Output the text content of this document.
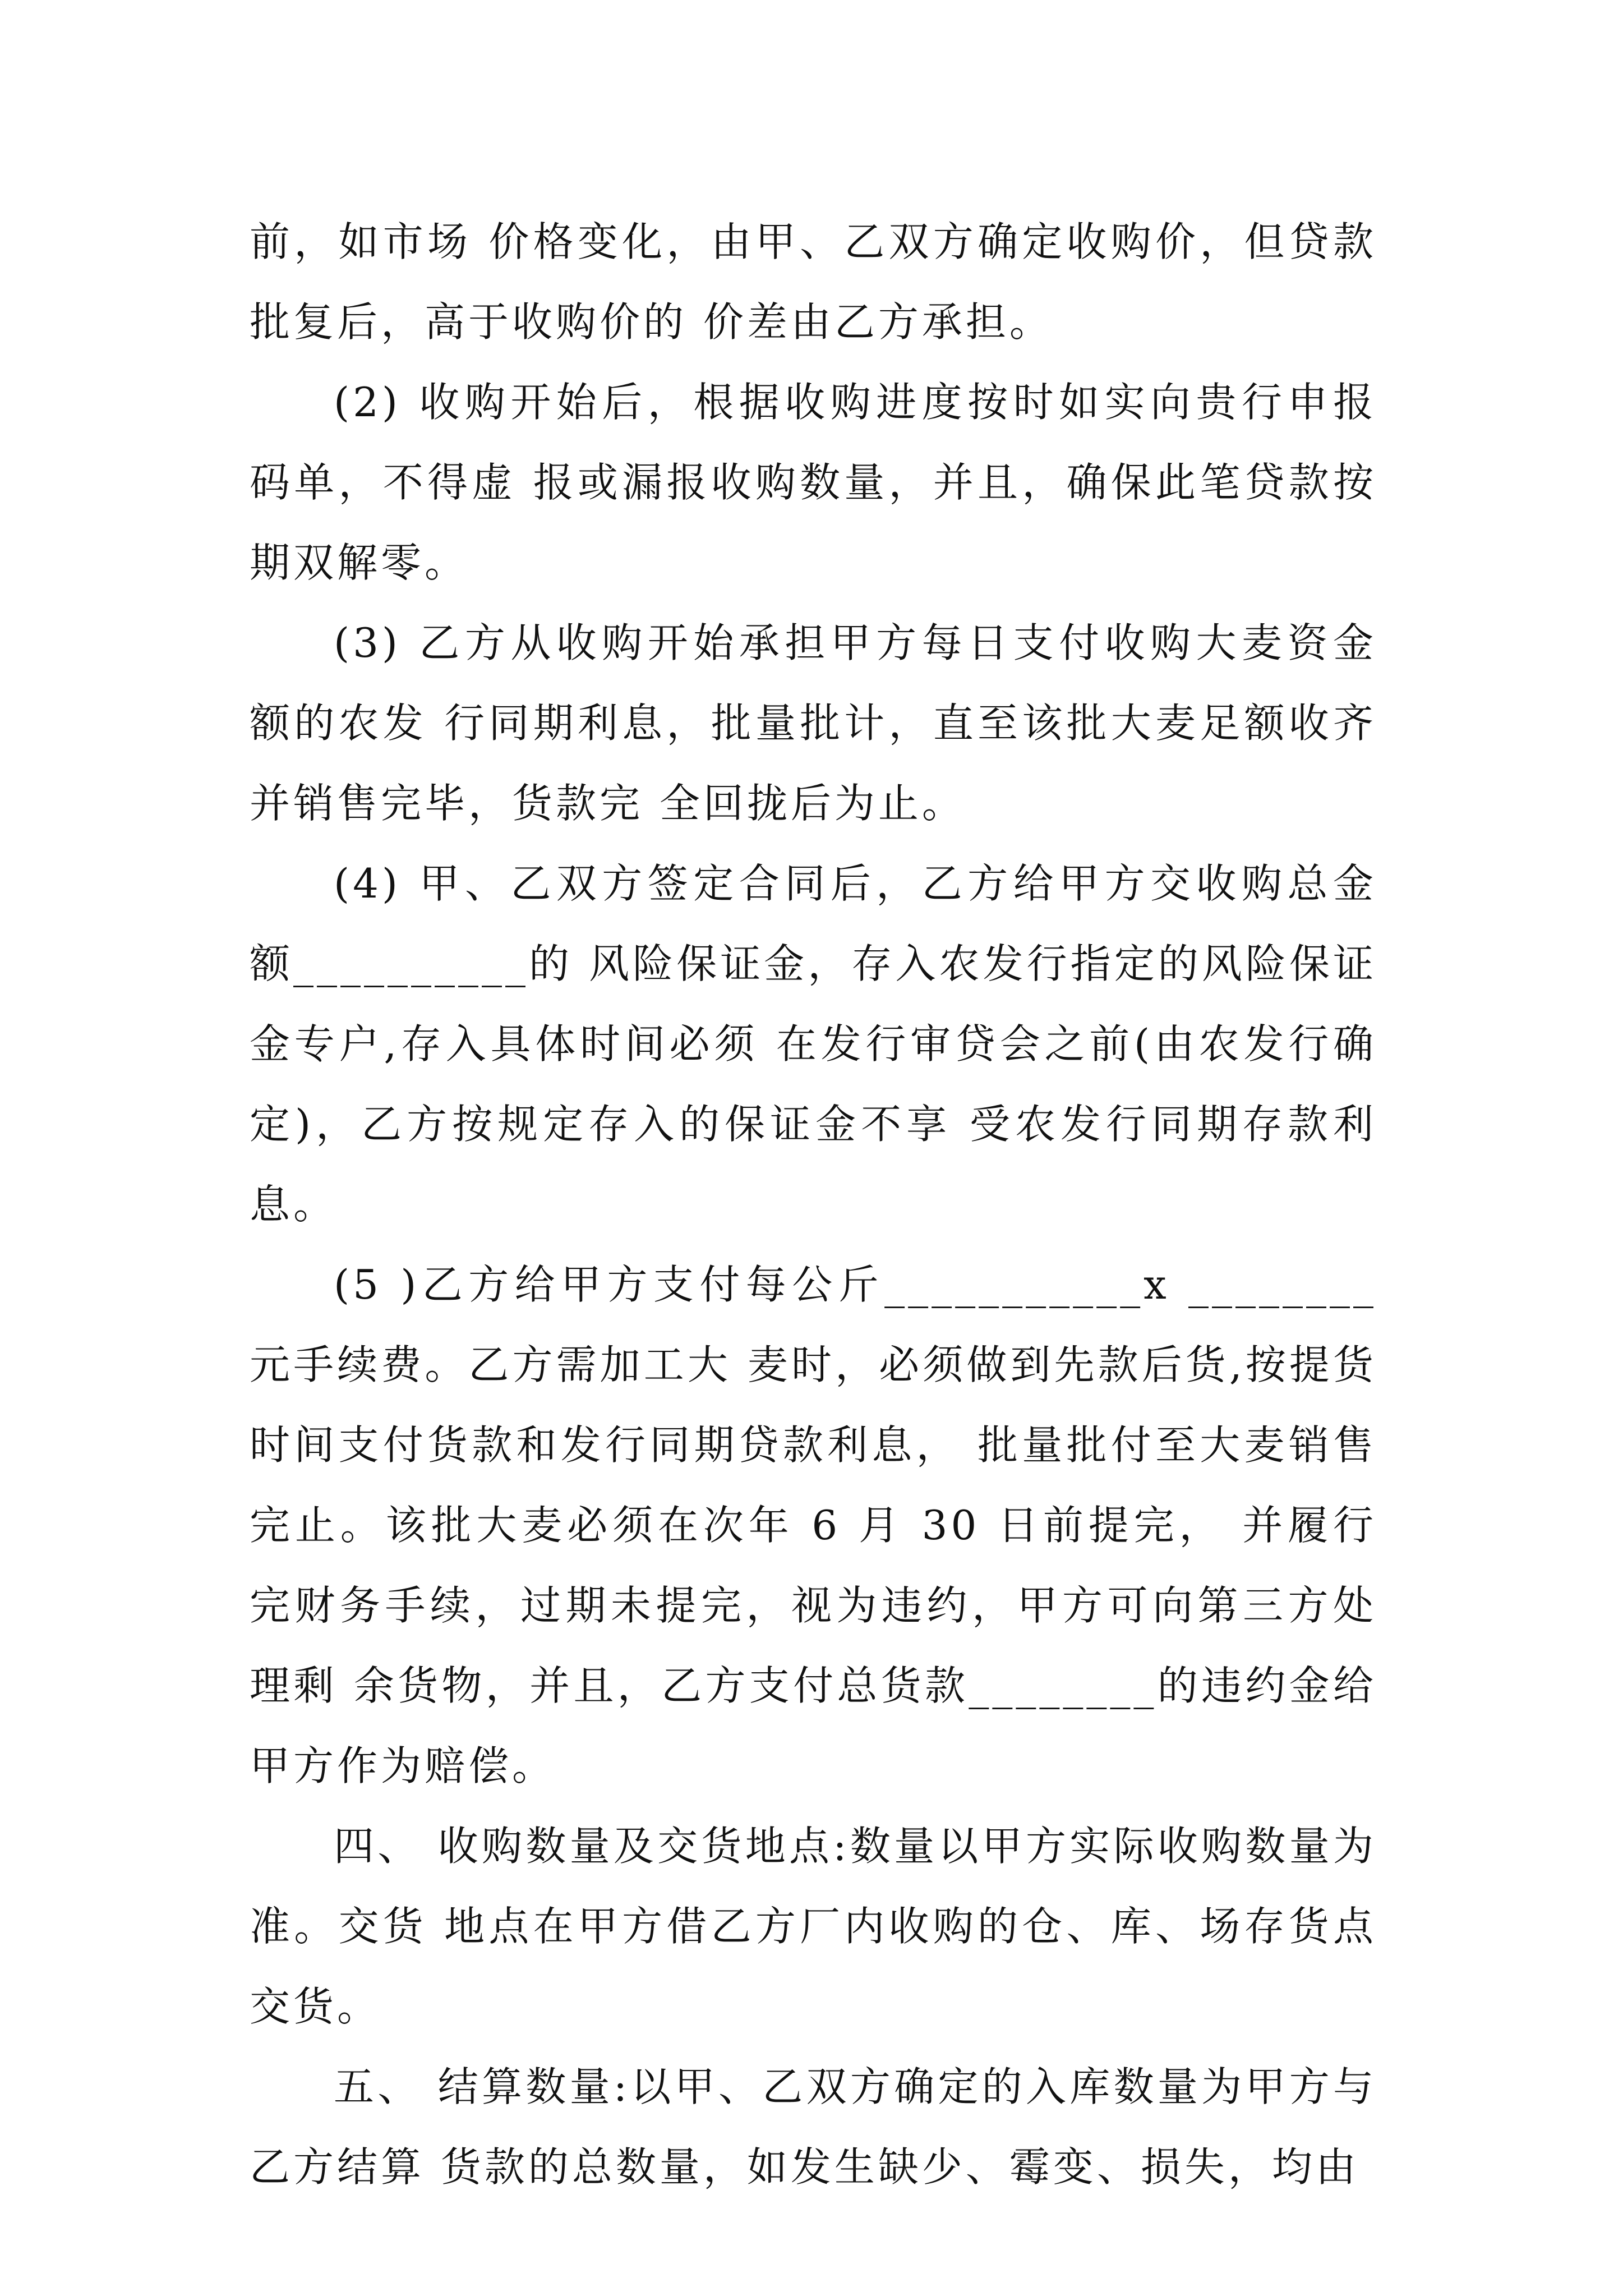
前，如市场 价格变化，由甲、乙双方确定收购价，但贷款批复后，高于收购价的 价差由乙方承担。

(2) 收购开始后，根据收购进度按时如实向贵行申报码单，不得虚 报或漏报收购数量，并且，确保此笔贷款按期双解零。

(3) 乙方从收购开始承担甲方每日支付收购大麦资金额的农发 行同期利息，批量批计，直至该批大麦足额收齐并销售完毕，货款完 全回拢后为止。

(4) 甲、乙双方签定合同后，乙方给甲方交收购总金额__________的 风险保证金，存入农发行指定的风险保证金专户,存入具体时间必须 在发行审贷会之前(由农发行确定)，乙方按规定存入的保证金不享 受农发行同期存款利息。

(5 )乙方给甲方支付每公斤___________x ________元手续费。乙方需加工大 麦时，必须做到先款后货,按提货时间支付货款和发行同期贷款利息， 批量批付至大麦销售完止。该批大麦必须在次年 6 月 30 日前提完， 并履行完财务手续，过期未提完，视为违约，甲方可向第三方处理剩 余货物，并且，乙方支付总货款________的违约金给甲方作为赔偿。

四、 收购数量及交货地点:数量以甲方实际收购数量为准。交货 地点在甲方借乙方厂内收购的仓、库、场存货点交货。

五、 结算数量:以甲、乙双方确定的入库数量为甲方与乙方结算 货款的总数量，如发生缺少、霉变、损失，均由
